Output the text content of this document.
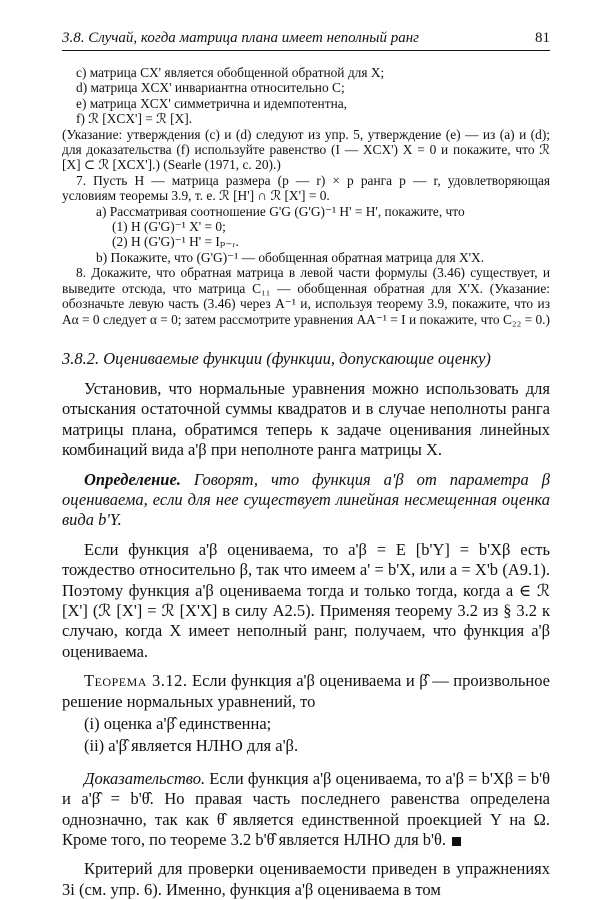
3.8. Случай, когда матрица плана имеет неполный ранг	81

c) матрица CX' является обобщенной обратной для X;

d) матрица XCX' инвариантна относительно C;

e) матрица XCX' симметрична и идемпотентна,

f) ℛ [XCX'] = ℛ [X].

(Указание: утверждения (c) и (d) следуют из упр. 5, утверждение (e) — из (a) и (d); для доказательства (f) используйте равенство (I — XCX') X = 0 и покажите, что ℛ [X] ⊂ ℛ [XCX'].) (Searle (1971, с. 20).)

7. Пусть H — матрица размера (p — r) × p ранга p — r, удовлетворяющая условиям теоремы 3.9, т. е. ℛ [H'] ∩ ℛ [X'] = 0.

a) Рассматривая соотношение G'G (G'G)⁻¹ H' = H', покажите, что

(1) H (G'G)⁻¹ X' = 0;

(2) H (G'G)⁻¹ H' = Iₚ₋ᵣ.

b) Покажите, что (G'G)⁻¹ — обобщенная обратная матрица для X'X.

8. Докажите, что обратная матрица в левой части формулы (3.46) существует, и выведите отсюда, что матрица C₁₁ — обобщенная обратная для X'X. (Указание: обозначьте левую часть (3.46) через A⁻¹ и, используя теорему 3.9, покажите, что из Aα = 0 следует α = 0; затем рассмотрите уравнения AA⁻¹ = I и покажите, что C₂₂ = 0.)

3.8.2. Оцениваемые функции (функции, допускающие оценку)

Установив, что нормальные уравнения можно использовать для отыскания остаточной суммы квадратов и в случае неполноты ранга матрицы плана, обратимся теперь к задаче оценивания линейных комбинаций вида a'β при неполноте ранга матрицы X.

Определение. Говорят, что функция a'β от параметра β оцениваема, если для нее существует линейная несмещенная оценка вида b'Y.

Если функция a'β оцениваема, то a'β = E [b'Y] = b'Xβ есть тождество относительно β, так что имеем a' = b'X, или a = X'b (A9.1). Поэтому функция a'β оцениваема тогда и только тогда, когда a ∈ ℛ [X'] (ℛ [X'] = ℛ [X'X] в силу A2.5). Применяя теорему 3.2 из § 3.2 к случаю, когда X имеет неполный ранг, получаем, что функция a'β оцениваема.

Теорема 3.12. Если функция a'β оцениваема и β̂ — произвольное решение нормальных уравнений, то

(i) оценка a'β̂ единственна;

(ii) a'β̂ является НЛНО для a'β.

Доказательство. Если функция a'β оцениваема, то a'β = b'Xβ = b'θ и a'β̂ = b'θ̂. Но правая часть последнего равенства определена однозначно, так как θ̂ является единственной проекцией Y на Ω. Кроме того, по теореме 3.2 b'θ̂ является НЛНО для b'θ.

Критерий для проверки оцениваемости приведен в упражнениях 3i (см. упр. 6). Именно, функция a'β оцениваема в том
